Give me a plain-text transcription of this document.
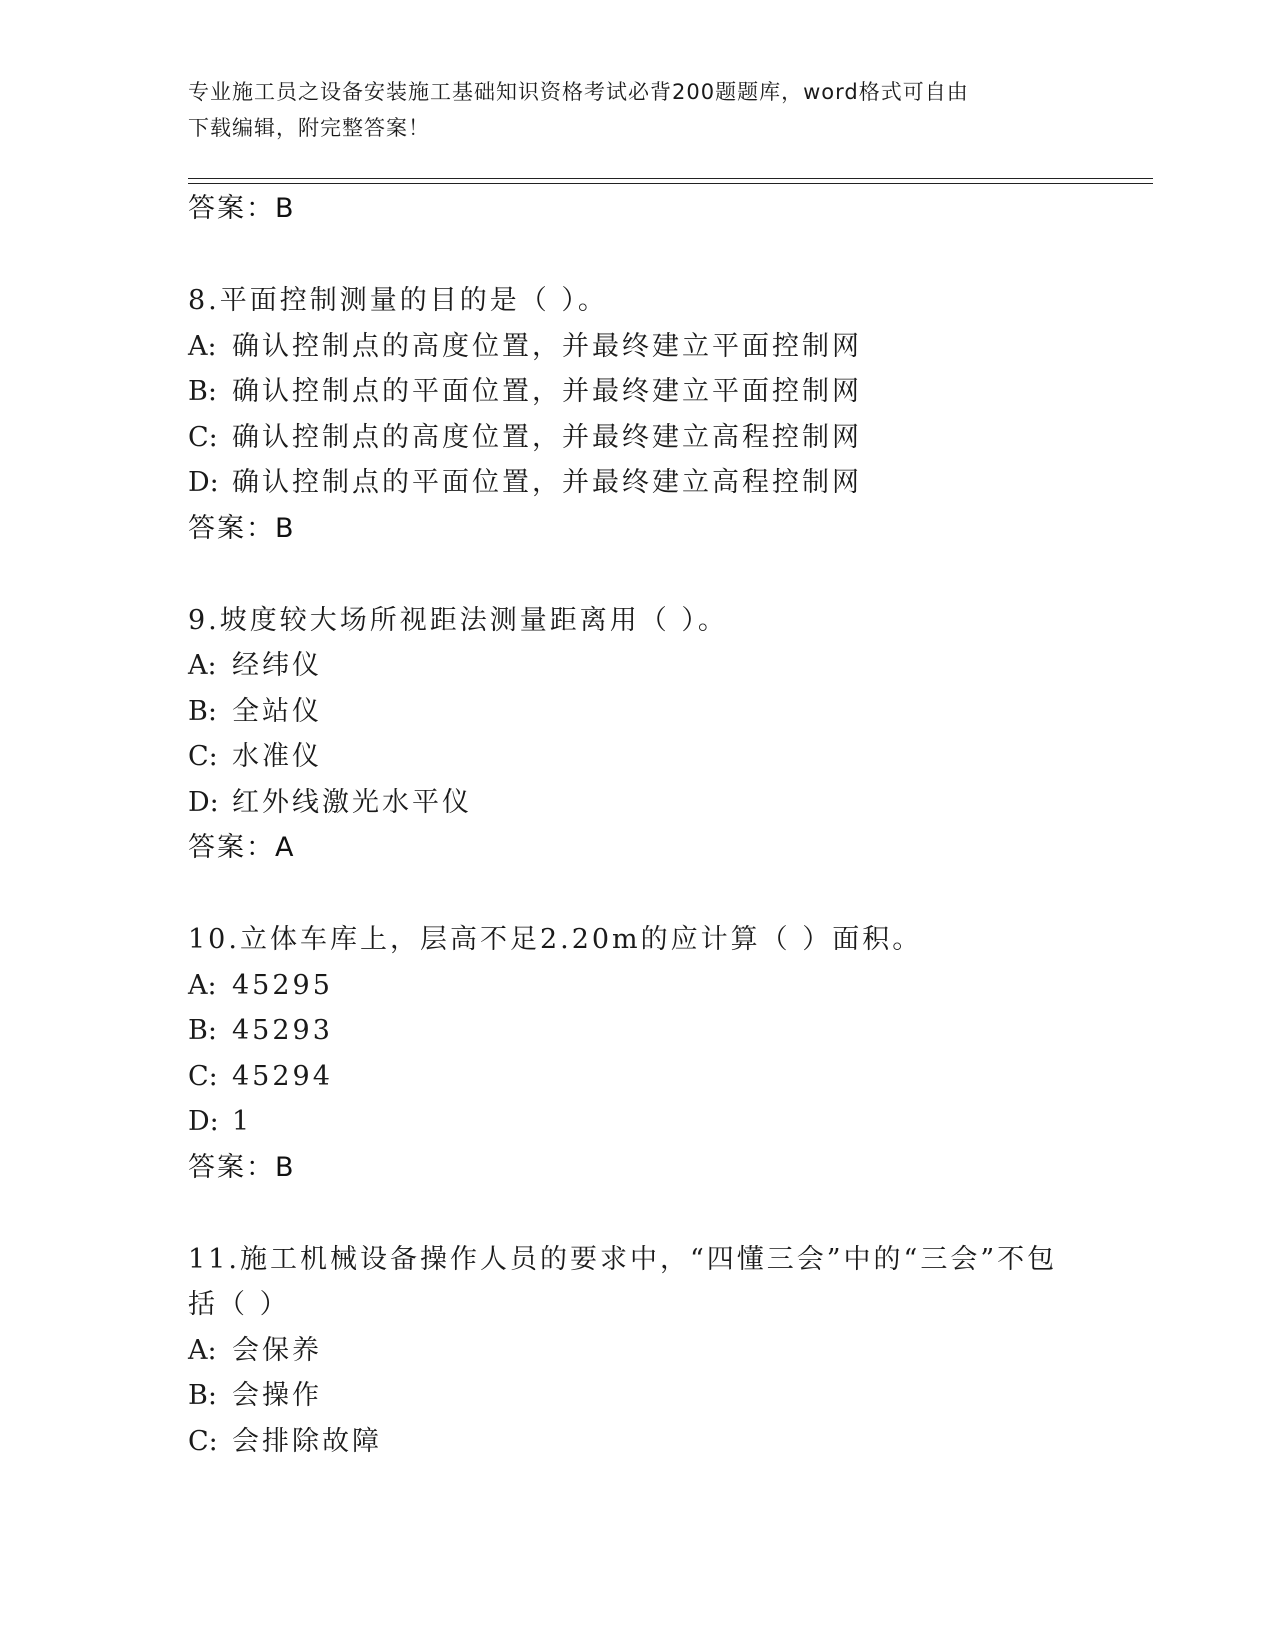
专业施工员之设备安装施工基础知识资格考试必背200题题库，word格式可自由
下载编辑，附完整答案！
答案：B
8.平面控制测量的目的是（ ）。
A: 确认控制点的高度位置，并最终建立平面控制网
B: 确认控制点的平面位置，并最终建立平面控制网
C: 确认控制点的高度位置，并最终建立高程控制网
D: 确认控制点的平面位置，并最终建立高程控制网
答案：B
9.坡度较大场所视距法测量距离用（ ）。
A: 经纬仪
B: 全站仪
C: 水准仪
D: 红外线激光水平仪
答案：A
10.立体车库上，层高不足2.20m的应计算（ ）面积。
A: 45295
B: 45293
C: 45294
D: 1
答案：B
11.施工机械设备操作人员的要求中，“四懂三会”中的“三会”不包
括（ ）
A: 会保养
B: 会操作
C: 会排除故障
